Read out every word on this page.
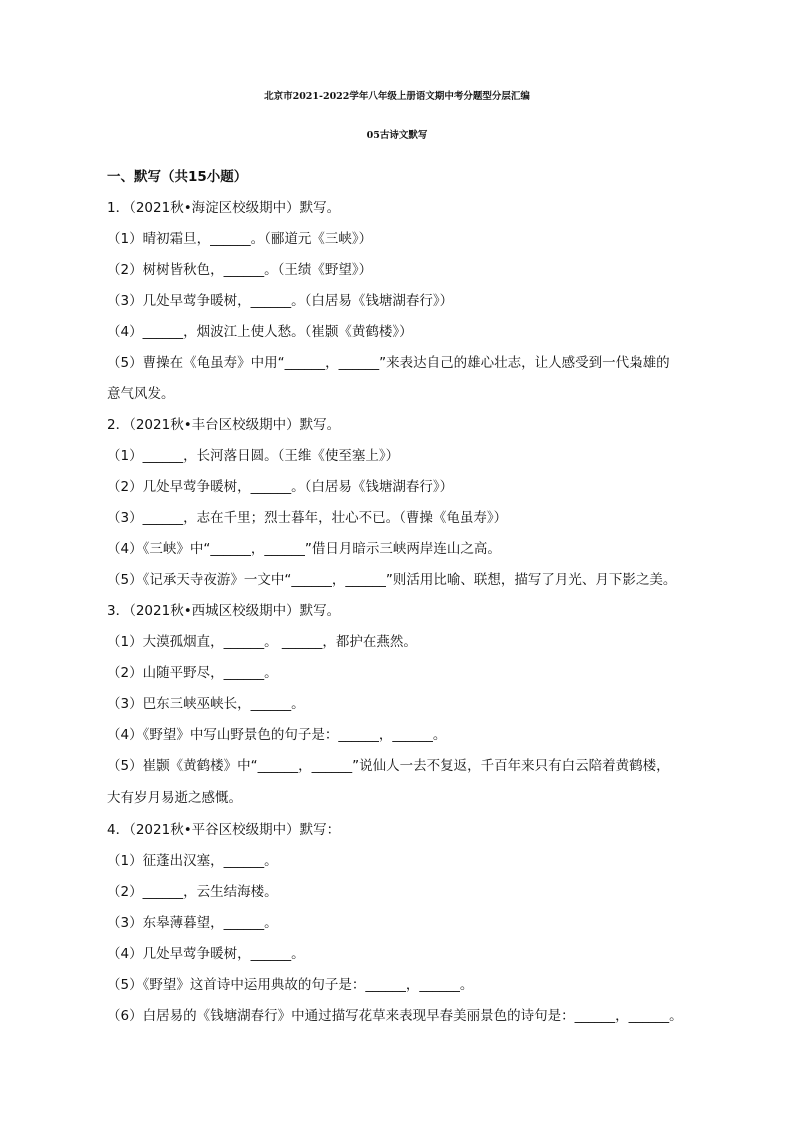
北京市2021-2022学年八年级上册语文期中考分题型分层汇编
05古诗文默写
一、默写（共15小题）
1．（2021秋•海淀区校级期中）默写。
（1）晴初霜旦，______。（郦道元《三峡》）
（2）树树皆秋色，______。（王绩《野望》）
（3）几处早莺争暖树，______。（白居易《钱塘湖春行》）
（4）______，烟波江上使人愁。（崔颢《黄鹤楼》）
（5）曹操在《龟虽寿》中用“______，______”来表达自己的雄心壮志，让人感受到一代枭雄的
意气风发。
2．（2021秋•丰台区校级期中）默写。
（1）______，长河落日圆。（王维《使至塞上》）
（2）几处早莺争暖树，______。（白居易《钱塘湖春行》）
（3）______，志在千里；烈士暮年，壮心不已。（曹操《龟虽寿》）
（4）《三峡》中“______，______”借日月暗示三峡两岸连山之高。
（5）《记承天寺夜游》一文中“______，______”则活用比喻、联想，描写了月光、月下影之美。
3．（2021秋•西城区校级期中）默写。
（1）大漠孤烟直，______。 ______，都护在燕然。
（2）山随平野尽，______。
（3）巴东三峡巫峡长，______。
（4）《野望》中写山野景色的句子是：______，______。
（5）崔颢《黄鹤楼》中“______，______”说仙人一去不复返，千百年来只有白云陪着黄鹤楼，
大有岁月易逝之感慨。
4．（2021秋•平谷区校级期中）默写：
（1）征蓬出汉塞，______。
（2）______，云生结海楼。
（3）东皋薄暮望，______。
（4）几处早莺争暖树，______。
（5）《野望》这首诗中运用典故的句子是：______，______。
（6）白居易的《钱塘湖春行》中通过描写花草来表现早春美丽景色的诗句是：______，______。
